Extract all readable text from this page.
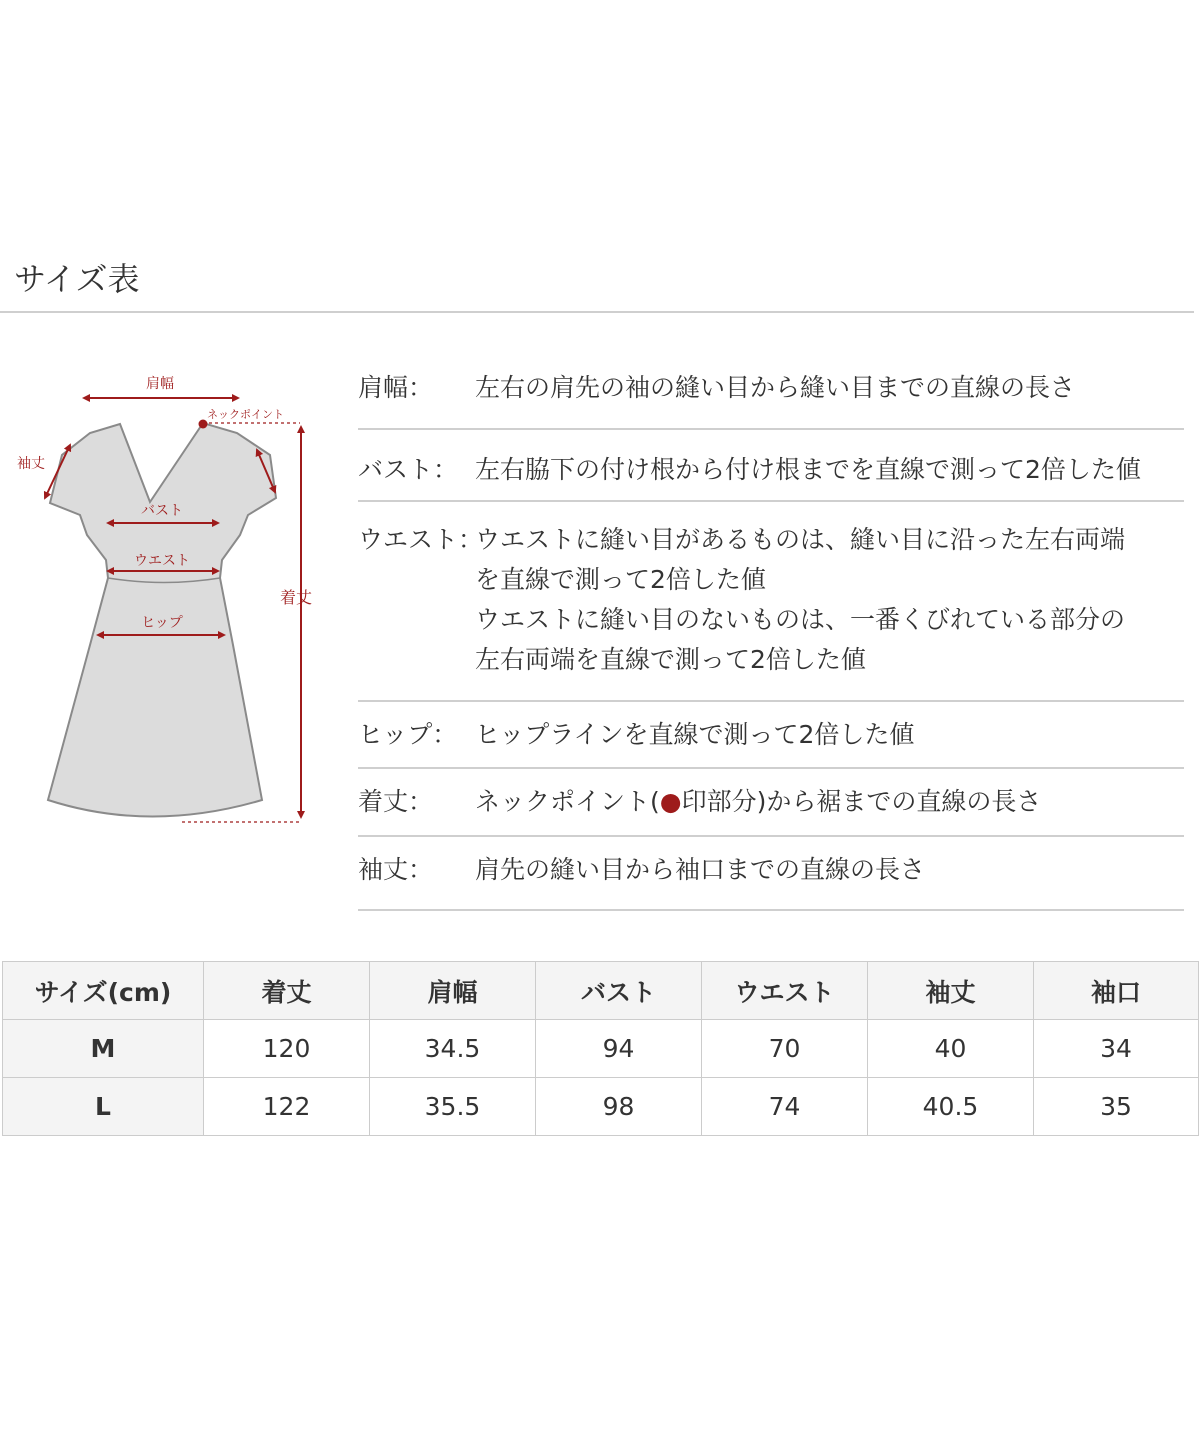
サイズ表
肩幅
ネックポイント
袖丈
バスト
ウエスト
ヒップ
着丈
肩幅：	左右の肩先の袖の縫い目から縫い目までの直線の長さ
バスト： 左右脇下の付け根から付け根までを直線で測って2倍した値
ウエスト：
ウエストに縫い目があるものは、縫い目に沿った左右両端
を直線で測って2倍した値
ウエストに縫い目のないものは、一番くびれている部分の
左右両端を直線で測って2倍した値
ヒップ： ヒップラインを直線で測って2倍した値
着丈：	ネックポイント(●印部分)から裾までの直線の長さ
袖丈：	肩先の縫い目から袖口までの直線の長さ
サイズ(cm)	着丈	肩幅	バスト	ウエスト	袖丈	袖口
M	120	34.5	94	70	40	34
L	122	35.5	98	74	40.5	35
